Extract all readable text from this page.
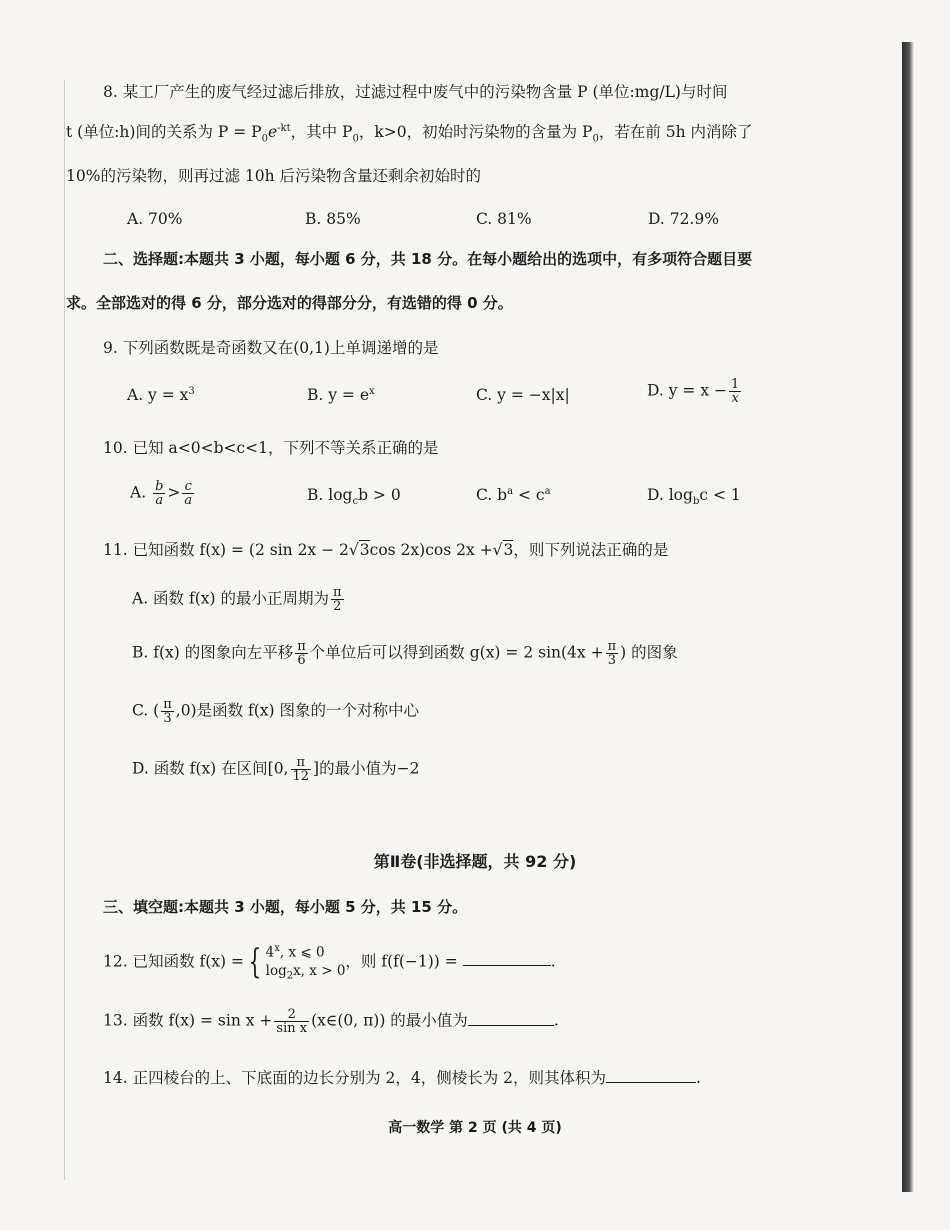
8. 某工厂产生的废气经过滤后排放，过滤过程中废气中的污染物含量 P (单位:mg/L)与时间
t (单位:h)间的关系为 $P = P_0e^{-kt}$，其中 $P_0$，k>0，初始时污染物的含量为 $P_0$，若在前 5h 内消除了
10%的污染物，则再过滤 10h 后污染物含量还剩余初始时的
A. 70%	B. 85%	C. 81%	D. 72.9%
二、选择题:本题共 3 小题，每小题 6 分，共 18 分。在每小题给出的选项中，有多项符合题目要
求。全部选对的得 6 分，部分选对的得部分分，有选错的得 0 分。
9. 下列函数既是奇函数又在(0,1)上单调递增的是
A. $y = x^3$	B. $y = e^x$	C. y = −x|x|	D. $y = x - \frac{1}{x}$
10. 已知 a<0<b<c<1，下列不等关系正确的是
A. $\frac{b}{a} > \frac{c}{a}$	B. $\log_cb > 0$	C. $b^a < c^a$	D. $\log_bc < 1$
11. 已知函数 f(x) = (2 sin 2x − 2√3cos 2x)cos 2x +√3，则下列说法正确的是
A. 函数 f(x) 的最小正周期为 $\frac{\pi}{2}$
B. f(x) 的图象向左平移 $\frac{\pi}{6}$ 个单位后可以得到函数 g(x) = 2 $\sin(4x + \frac{\pi}{3}$ ) 的图象
C. ( $\frac{\pi}{3} ,0$)是函数 f(x) 图象的一个对称中心
D. 函数 f(x) 在区间[0, $\frac{\pi}{12}$ ]的最小值为−2
第Ⅱ卷(非选择题，共 92 分)
三、填空题:本题共 3 小题，每小题 5 分，共 15 分。
12. 已知函数 f(x) = { 4$^x$, x ⩽ 0
$\log_2x$, x > 0
，则 f(f(−1)) =	.
13. 函数 $f(x) = \sin x + \frac{2}{\text{sin x}}$ (x∈(0, π)) 的最小值为	.
14. 正四棱台的上、下底面的边长分别为 2，4，侧棱长为 2，则其体积为	.
高一数学 第 2 页 (共 4 页)
